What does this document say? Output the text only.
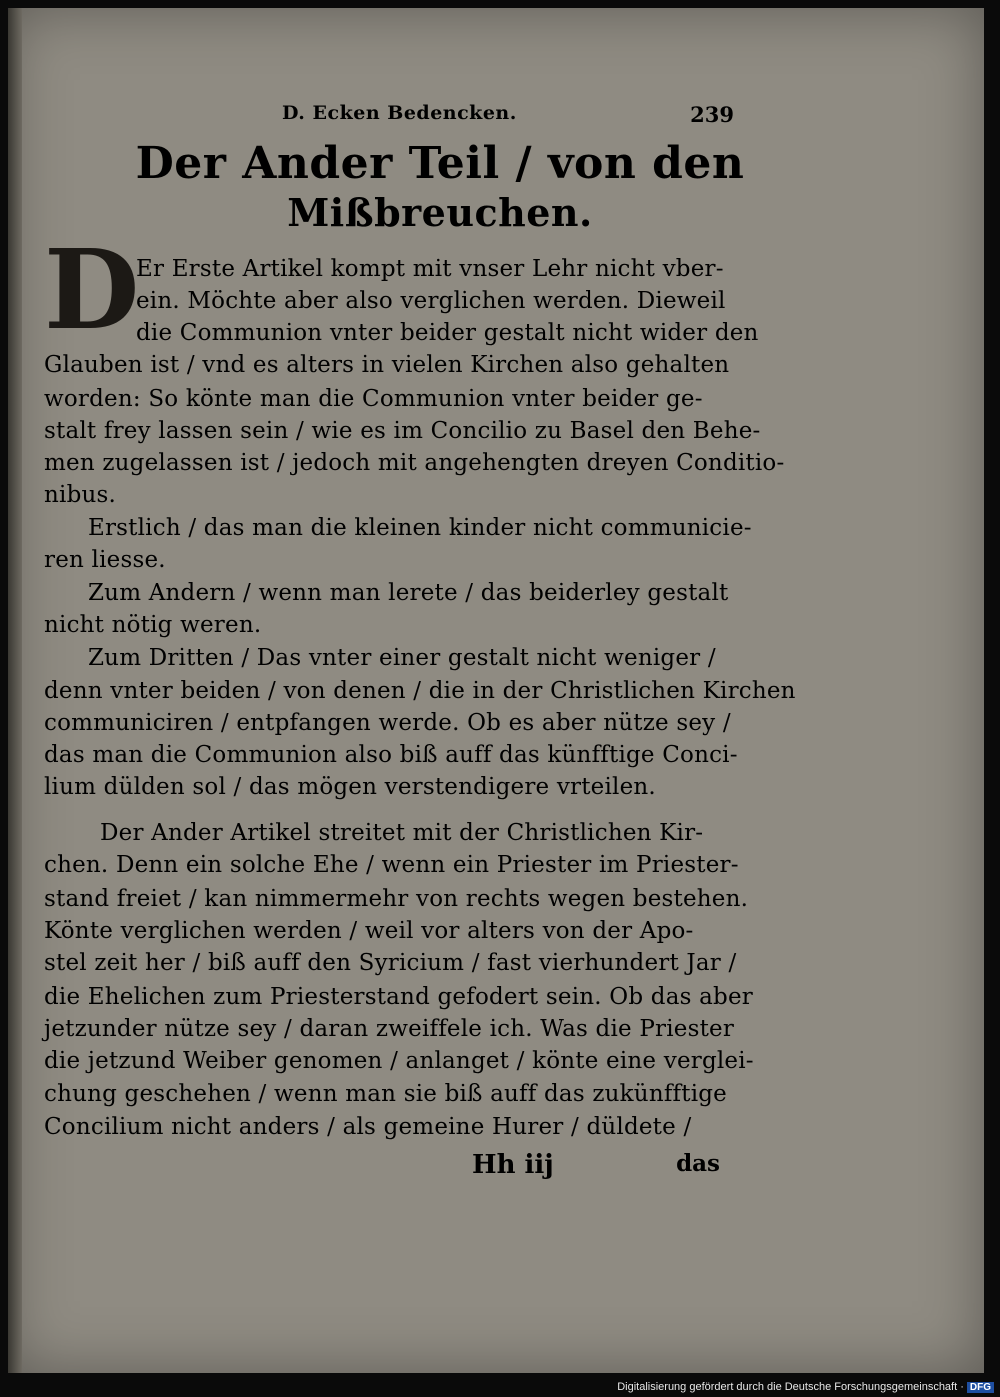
D. Ecken Bedencken.	239
Der Ander Teil / von den
Mißbreuchen.
D
Er Erste Artikel kompt mit vnser Lehr nicht vber-
ein. Möchte aber also verglichen werden. Dieweil
die Communion vnter beider gestalt nicht wider den
Glauben ist / vnd es alters in vielen Kirchen also gehalten
worden: So könte man die Communion vnter beider ge-
stalt frey lassen sein / wie es im Concilio zu Basel den Behe-
men zugelassen ist / jedoch mit angehengten dreyen Conditio-
nibus.
Erstlich / das man die kleinen kinder nicht communicie-
ren liesse.
Zum Andern / wenn man lerete / das beiderley gestalt
nicht nötig weren.
Zum Dritten / Das vnter einer gestalt nicht weniger /
denn vnter beiden / von denen / die in der Christlichen Kirchen
communiciren / entpfangen werde. Ob es aber nütze sey /
das man die Communion also biß auff das künfftige Conci-
lium dülden sol / das mögen verstendigere vrteilen.
Der Ander Artikel streitet mit der Christlichen Kir-
chen. Denn ein solche Ehe / wenn ein Priester im Priester-
stand freiet / kan nimmermehr von rechts wegen bestehen.
Könte verglichen werden / weil vor alters von der Apo-
stel zeit her / biß auff den Syricium / fast vierhundert Jar /
die Ehelichen zum Priesterstand gefodert sein. Ob das aber
jetzunder nütze sey / daran zweiffele ich. Was die Priester
die jetzund Weiber genomen / anlanget / könte eine verglei-
chung geschehen / wenn man sie biß auff das zukünfftige
Concilium nicht anders / als gemeine Hurer / düldete /
Hh iij	das
Digitalisierung gefördert durch die Deutsche Forschungsgemeinschaft · DFG
